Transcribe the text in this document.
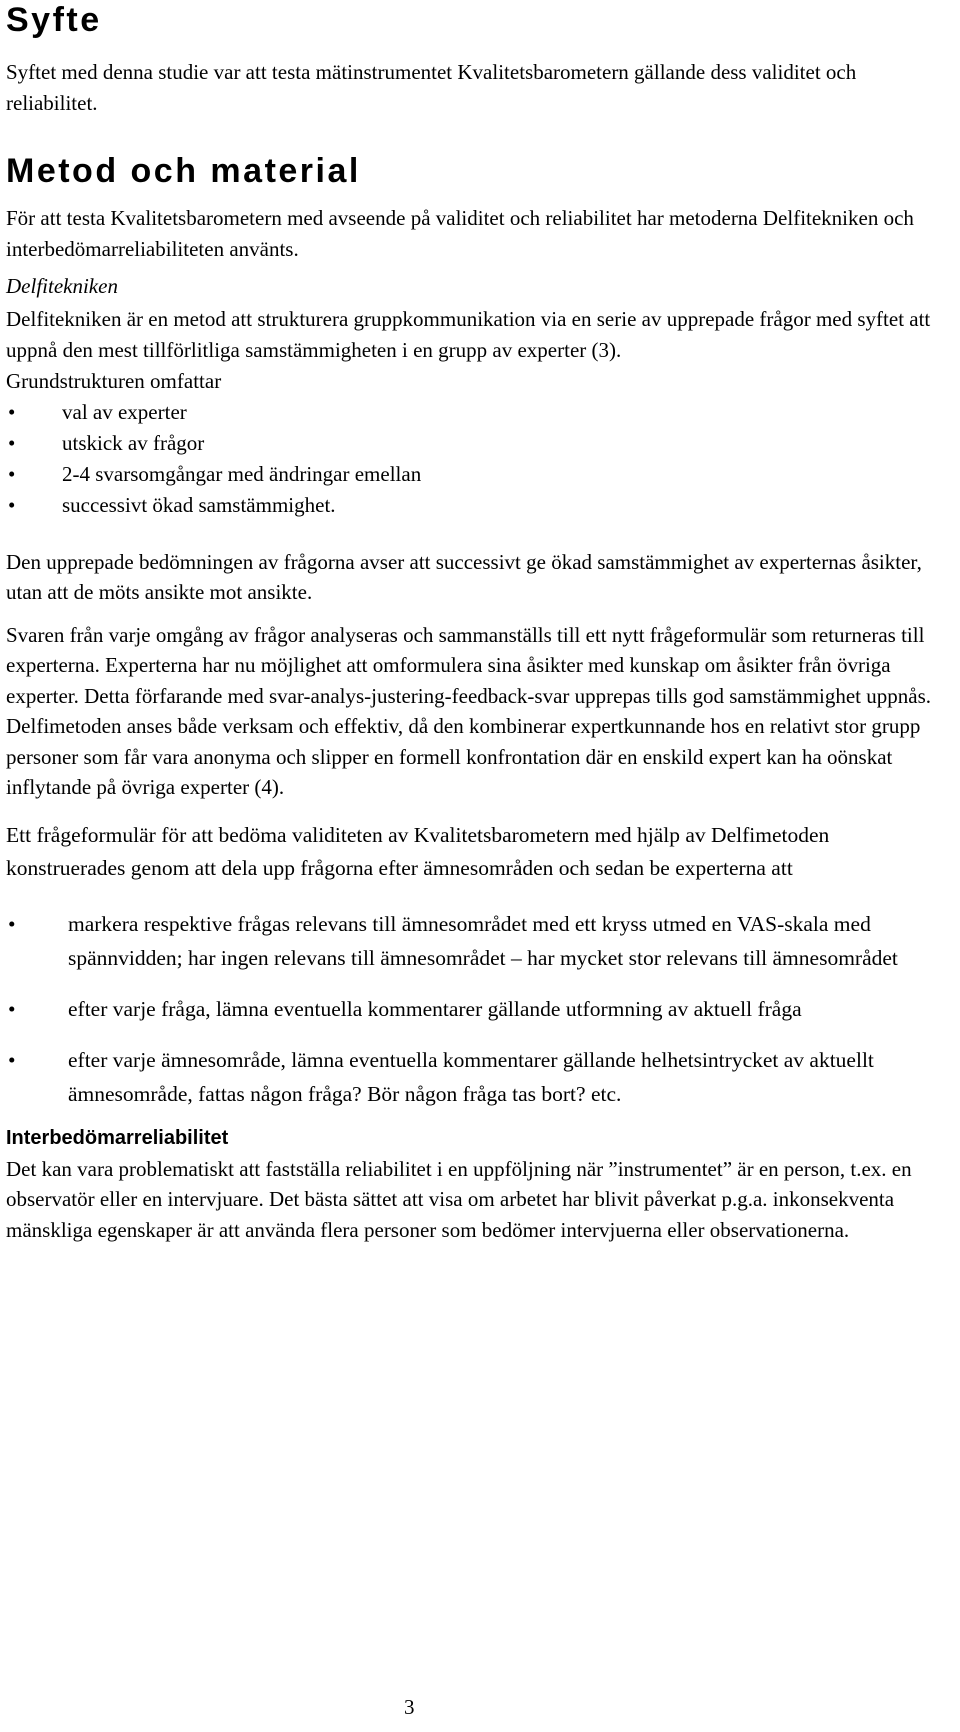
Syfte

Syftet med denna studie var att testa mätinstrumentet Kvalitetsbarometern gällande dess validitet och reliabilitet.

Metod och material

För att testa Kvalitetsbarometern med avseende på validitet och reliabilitet har metoderna Delfitekniken och interbedömarreliabiliteten använts.

Delfitekniken

Delfitekniken är en metod att strukturera gruppkommunikation via en serie av upprepade frågor med syftet att uppnå den mest tillförlitliga samstämmigheten i en grupp av experter (3).

Grundstrukturen omfattar

• val av experter
• utskick av frågor
• 2-4 svarsomgångar med ändringar emellan
• successivt ökad samstämmighet.

Den upprepade bedömningen av frågorna avser att successivt ge ökad samstämmighet av experternas åsikter, utan att de möts ansikte mot ansikte.

Svaren från varje omgång av frågor analyseras och sammanställs till ett nytt frågeformulär som returneras till experterna. Experterna har nu möjlighet att omformulera sina åsikter med kunskap om åsikter från övriga experter. Detta förfarande med svar-analys-justering-feedback-svar upprepas tills god samstämmighet uppnås. Delfimetoden anses både verksam och effektiv, då den kombinerar expertkunnande hos en relativt stor grupp personer som får vara anonyma och slipper en formell konfrontation där en enskild expert kan ha oönskat inflytande på övriga experter (4).

Ett frågeformulär för att bedöma validiteten av Kvalitetsbarometern med hjälp av Delfimetoden konstruerades genom att dela upp frågorna efter ämnesområden och sedan be experterna att

• markera respektive frågas relevans till ämnesområdet med ett kryss utmed en VAS-skala med spännvidden; har ingen relevans till ämnesområdet – har mycket stor relevans till ämnesområdet
• efter varje fråga, lämna eventuella kommentarer gällande utformning av aktuell fråga
• efter varje ämnesområde, lämna eventuella kommentarer gällande helhetsintrycket av aktuellt ämnesområde, fattas någon fråga? Bör någon fråga tas bort? etc.
Interbedömarreliabilitet

Det kan vara problematiskt att fastställa reliabilitet i en uppföljning när ”instrumentet” är en person, t.ex. en observatör eller en intervjuare. Det bästa sättet att visa om arbetet har blivit påverkat p.g.a. inkonsekventa mänskliga egenskaper är att använda flera personer som bedömer intervjuerna eller observationerna.

3
